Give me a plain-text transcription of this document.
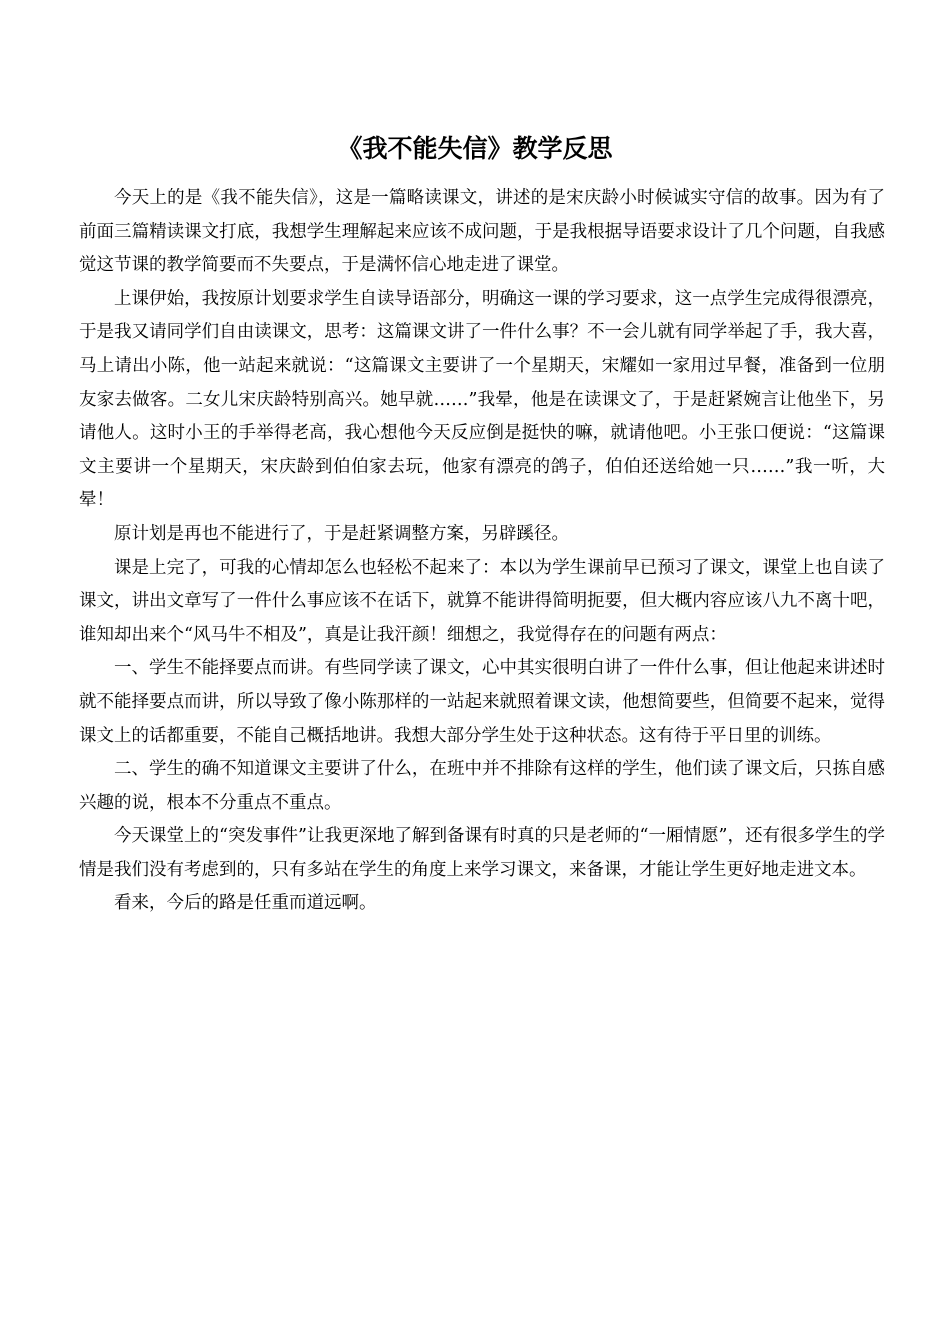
《我不能失信》教学反思

今天上的是《我不能失信》，这是一篇略读课文，讲述的是宋庆龄小时候诚实守信的故事。因为有了前面三篇精读课文打底，我想学生理解起来应该不成问题，于是我根据导语要求设计了几个问题，自我感觉这节课的教学简要而不失要点，于是满怀信心地走进了课堂。

上课伊始，我按原计划要求学生自读导语部分，明确这一课的学习要求，这一点学生完成得很漂亮，于是我又请同学们自由读课文，思考：这篇课文讲了一件什么事？不一会儿就有同学举起了手，我大喜，马上请出小陈，他一站起来就说：“这篇课文主要讲了一个星期天，宋耀如一家用过早餐，准备到一位朋友家去做客。二女儿宋庆龄特别高兴。她早就……”我晕，他是在读课文了，于是赶紧婉言让他坐下，另请他人。这时小王的手举得老高，我心想他今天反应倒是挺快的嘛，就请他吧。小王张口便说：“这篇课文主要讲一个星期天，宋庆龄到伯伯家去玩，他家有漂亮的鸽子，伯伯还送给她一只……”我一听，大晕！

原计划是再也不能进行了，于是赶紧调整方案，另辟蹊径。

课是上完了，可我的心情却怎么也轻松不起来了：本以为学生课前早已预习了课文，课堂上也自读了课文，讲出文章写了一件什么事应该不在话下，就算不能讲得简明扼要，但大概内容应该八九不离十吧，谁知却出来个“风马牛不相及”，真是让我汗颜！细想之，我觉得存在的问题有两点：

一、学生不能择要点而讲。有些同学读了课文，心中其实很明白讲了一件什么事，但让他起来讲述时就不能择要点而讲，所以导致了像小陈那样的一站起来就照着课文读，他想简要些，但简要不起来，觉得课文上的话都重要，不能自己概括地讲。我想大部分学生处于这种状态。这有待于平日里的训练。

二、学生的确不知道课文主要讲了什么，在班中并不排除有这样的学生，他们读了课文后，只拣自感兴趣的说，根本不分重点不重点。

今天课堂上的“突发事件”让我更深地了解到备课有时真的只是老师的“一厢情愿”，还有很多学生的学情是我们没有考虑到的，只有多站在学生的角度上来学习课文，来备课，才能让学生更好地走进文本。

看来，今后的路是任重而道远啊。
